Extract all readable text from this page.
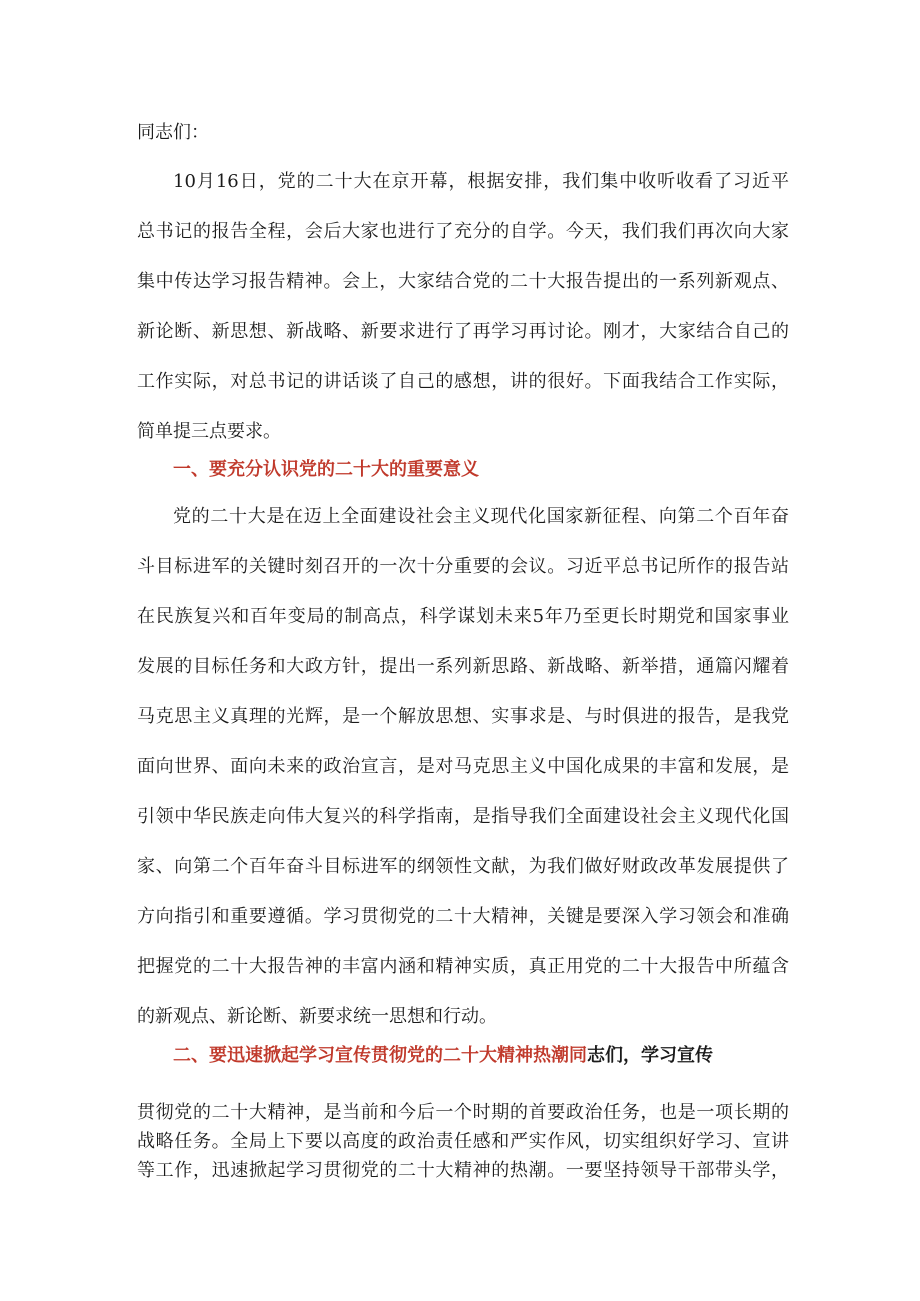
同志们：

10月16日，党的二十大在京开幕，根据安排，我们集中收听收看了习近平
总书记的报告全程，会后大家也进行了充分的自学。今天，我们我们再次向大家
集中传达学习报告精神。会上，大家结合党的二十大报告提出的一系列新观点、
新论断、新思想、新战略、新要求进行了再学习再讨论。刚才，大家结合自己的
工作实际，对总书记的讲话谈了自己的感想，讲的很好。下面我结合工作实际，
简单提三点要求。

一、要充分认识党的二十大的重要意义

党的二十大是在迈上全面建设社会主义现代化国家新征程、向第二个百年奋
斗目标进军的关键时刻召开的一次十分重要的会议。习近平总书记所作的报告站
在民族复兴和百年变局的制高点，科学谋划未来5年乃至更长时期党和国家事业
发展的目标任务和大政方针，提出一系列新思路、新战略、新举措，通篇闪耀着
马克思主义真理的光辉，是一个解放思想、实事求是、与时俱进的报告，是我党
面向世界、面向未来的政治宣言，是对马克思主义中国化成果的丰富和发展，是
引领中华民族走向伟大复兴的科学指南，是指导我们全面建设社会主义现代化国
家、向第二个百年奋斗目标进军的纲领性文献，为我们做好财政改革发展提供了
方向指引和重要遵循。学习贯彻党的二十大精神，关键是要深入学习领会和准确
把握党的二十大报告神的丰富内涵和精神实质，真正用党的二十大报告中所蕴含
的新观点、新论断、新要求统一思想和行动。

二、要迅速掀起学习宣传贯彻党的二十大精神热潮同志们，学习宣传

贯彻党的二十大精神，是当前和今后一个时期的首要政治任务，也是一项长期的
战略任务。全局上下要以高度的政治责任感和严实作风，切实组织好学习、宣讲
等工作，迅速掀起学习贯彻党的二十大精神的热潮。一要坚持领导干部带头学，
